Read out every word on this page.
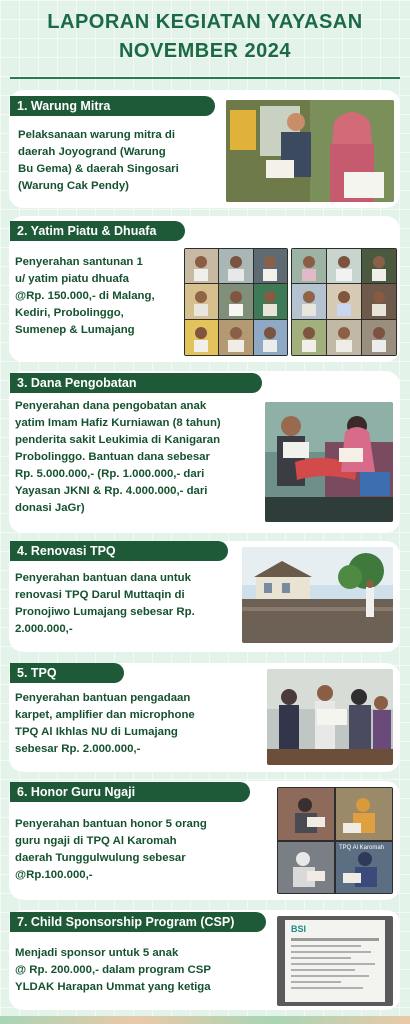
LAPORAN KEGIATAN YAYASAN
NOVEMBER 2024
1. Warung Mitra
Pelaksanaan warung mitra di
daerah Joyogrand (Warung
Bu Gema) & daerah Singosari
(Warung Cak Pendy)
2. Yatim Piatu & Dhuafa
Penyerahan santunan 1
u/ yatim piatu dhuafa
@Rp. 150.000,- di Malang,
Kediri, Probolinggo,
Sumenep & Lumajang
3. Dana Pengobatan
Penyerahan dana pengobatan anak
yatim Imam Hafiz Kurniawan (8 tahun)
penderita sakit Leukimia di Kanigaran
Probolinggo. Bantuan dana sebesar
Rp. 5.000.000,- (Rp. 1.000.000,- dari
Yayasan JKNI & Rp. 4.000.000,- dari
donasi JaGr)
4. Renovasi TPQ
Penyerahan bantuan dana untuk
renovasi TPQ Darul Muttaqin di
Pronojiwo Lumajang sebesar Rp.
2.000.000,-
5. TPQ
Penyerahan bantuan pengadaan
karpet, amplifier dan microphone
TPQ Al Ikhlas NU di Lumajang
sebesar Rp. 2.000.000,-
6. Honor Guru Ngaji
Penyerahan bantuan honor 5 orang
guru ngaji di TPQ Al Karomah
daerah Tunggulwulung sebesar
@Rp.100.000,-
TPQ Al Karomah
7. Child Sponsorship Program (CSP)
Menjadi sponsor untuk 5 anak
@ Rp. 200.000,- dalam program CSP
YLDAK Harapan Ummat yang ketiga
BSI
